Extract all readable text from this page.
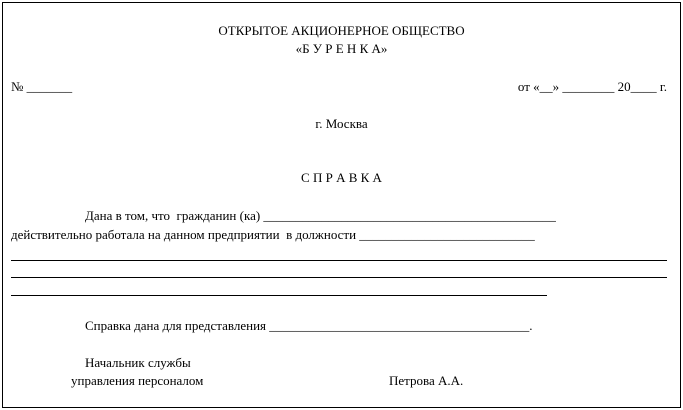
ОТКРЫТОЕ АКЦИОНЕРНОЕ ОБЩЕСТВО
«Б У Р Е Н К А»
№ _______	от «__» ________ 20____ г.
г. Москва
С П Р А В К А
Дана в том, что  гражданин (ка) _____________________________________________
действительно работала на данном предприятии  в должности ___________________________
Справка дана для представления ________________________________________.
Начальник службы
управления персоналом	Петрова А.А.
